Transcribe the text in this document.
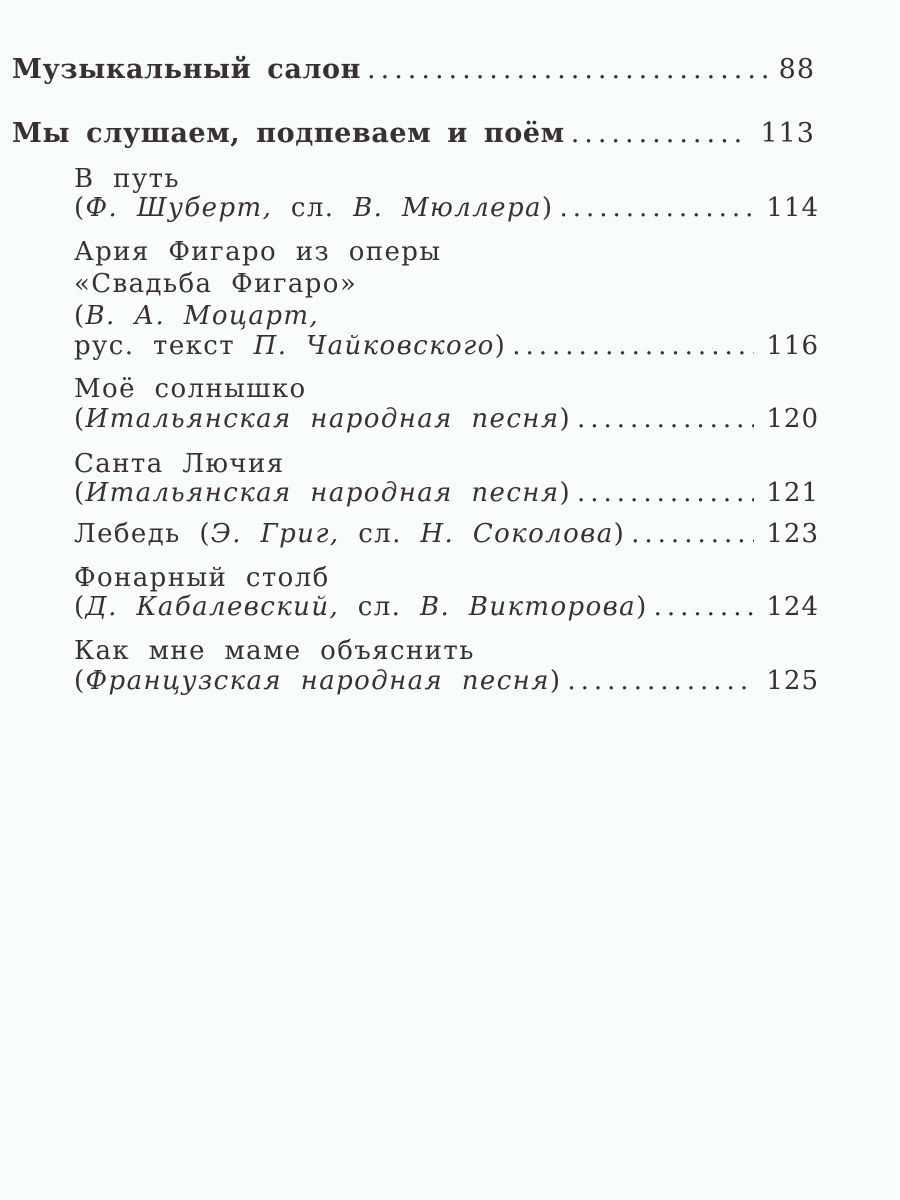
Музыкальный салон .....	88
Мы слушаем, подпеваем и поём .....	113
В путь
(Ф. Шуберт, сл. В. Мюллера) .....	114
Ария Фигаро из оперы
«Свадьба Фигаро»
(В. А. Моцарт,
рус. текст П. Чайковского) .....	116
Моё солнышко
(Итальянская народная песня) .....	120
Санта Лючия
(Итальянская народная песня) .....	121
Лебедь (Э. Григ, сл. Н. Соколова) .....	123
Фонарный столб
(Д. Кабалевский, сл. В. Викторова) .....	124
Как мне маме объяснить
(Французская народная песня) .....	125
